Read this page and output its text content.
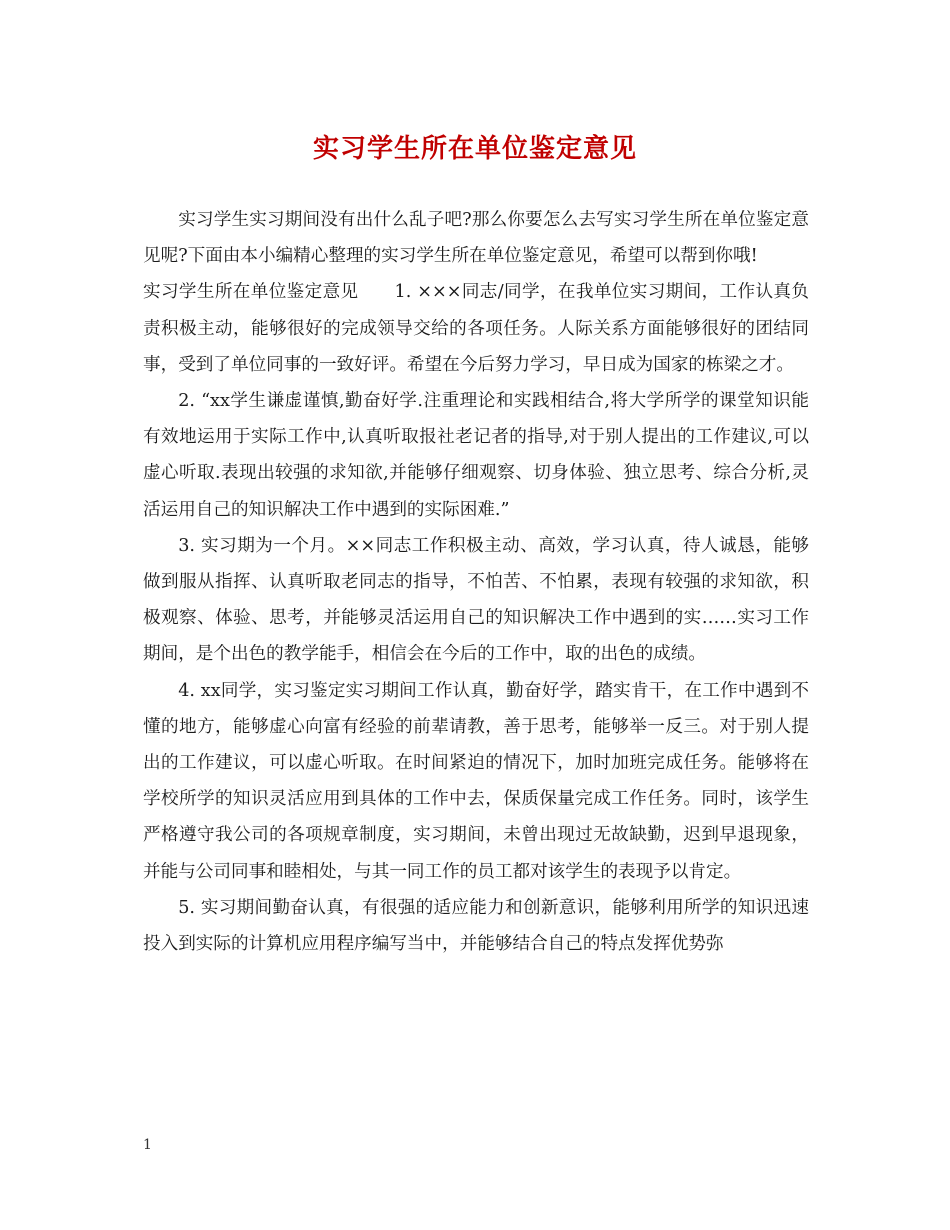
实习学生所在单位鉴定意见

实习学生实习期间没有出什么乱子吧?那么你要怎么去写实习学生所在单位鉴定意见呢?下面由本小编精心整理的实习学生所在单位鉴定意见，希望可以帮到你哦!

实习学生所在单位鉴定意见 1. ×××同志/同学，在我单位实习期间，工作认真负责积极主动，能够很好的完成领导交给的各项任务。人际关系方面能够很好的团结同事，受到了单位同事的一致好评。希望在今后努力学习，早日成为国家的栋梁之才。

2. “xx学生谦虚谨慎,勤奋好学.注重理论和实践相结合,将大学所学的课堂知识能有效地运用于实际工作中,认真听取报社老记者的指导,对于别人提出的工作建议,可以虚心听取.表现出较强的求知欲,并能够仔细观察、切身体验、独立思考、综合分析,灵活运用自己的知识解决工作中遇到的实际困难.”

3. 实习期为一个月。××同志工作积极主动、高效，学习认真，待人诚恳，能够做到服从指挥、认真听取老同志的指导，不怕苦、不怕累，表现有较强的求知欲，积极观察、体验、思考，并能够灵活运用自己的知识解决工作中遇到的实……实习工作期间，是个出色的教学能手，相信会在今后的工作中，取的出色的成绩。

4. xx同学，实习鉴定实习期间工作认真，勤奋好学，踏实肯干，在工作中遇到不懂的地方，能够虚心向富有经验的前辈请教，善于思考，能够举一反三。对于别人提出的工作建议，可以虚心听取。在时间紧迫的情况下，加时加班完成任务。能够将在学校所学的知识灵活应用到具体的工作中去，保质保量完成工作任务。同时，该学生严格遵守我公司的各项规章制度，实习期间，未曾出现过无故缺勤，迟到早退现象，并能与公司同事和睦相处，与其一同工作的员工都对该学生的表现予以肯定。

5. 实习期间勤奋认真，有很强的适应能力和创新意识，能够利用所学的知识迅速投入到实际的计算机应用程序编写当中，并能够结合自己的特点发挥优势弥

1
